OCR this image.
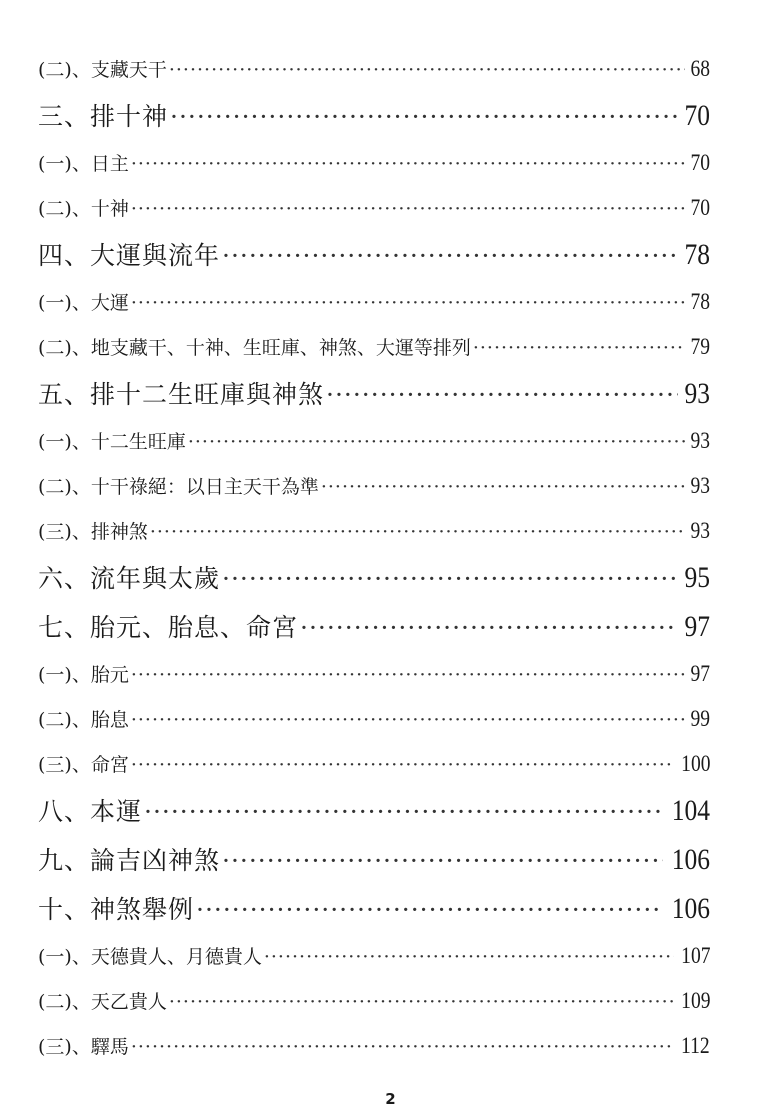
(二)、支藏天干 ·····	68
三、排十神 ·····	70
(一)、日主 ·····	70
(二)、十神 ·····	70
四、大運與流年 ·····	78
(一)、大運 ·····	78
(二)、地支藏干、十神、生旺庫、神煞、大運等排列 ·····	79
五、排十二生旺庫與神煞 ·····	93
(一)、十二生旺庫 ·····	93
(二)、十干祿絕：以日主天干為準 ·····	93
(三)、排神煞 ·····	93
六、流年與太歲 ·····	95
七、胎元、胎息、命宮 ·····	97
(一)、胎元 ·····	97
(二)、胎息 ·····	99
(三)、命宮 ·····	100
八、本運 ·····	104
九、論吉凶神煞 ·····	106
十、神煞舉例 ·····	106
(一)、天德貴人、月德貴人 ·····	107
(二)、天乙貴人 ·····	109
(三)、驛馬 ·····	112
2
